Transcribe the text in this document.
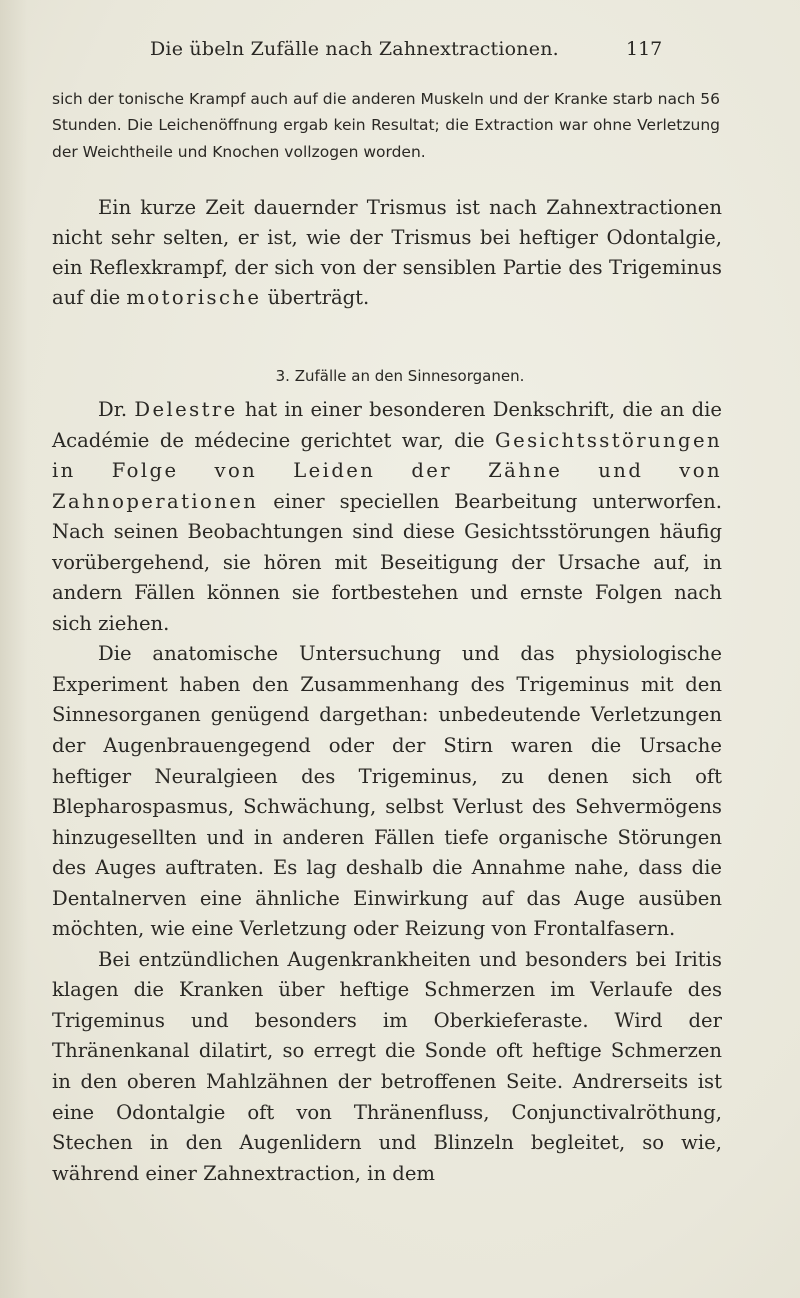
Die übeln Zufälle nach Zahnextractionen.	117
sich der tonische Krampf auch auf die anderen Muskeln und der Kranke starb nach 56 Stunden. Die Leichenöffnung ergab kein Resultat; die Extraction war ohne Verletzung der Weichtheile und Knochen vollzogen worden.

Ein kurze Zeit dauernder Trismus ist nach Zahnextractionen nicht sehr selten, er ist, wie der Trismus bei heftiger Odontalgie, ein Reflexkrampf, der sich von der sensiblen Partie des Trigeminus auf die motorische überträgt.

3. Zufälle an den Sinnesorganen.

Dr. Delestre hat in einer besonderen Denkschrift, die an die Académie de médecine gerichtet war, die Gesichtsstörungen in Folge von Leiden der Zähne und von Zahnoperationen einer speciellen Bearbeitung unterworfen. Nach seinen Beobachtungen sind diese Gesichtsstörungen häufig vorübergehend, sie hören mit Beseitigung der Ursache auf, in andern Fällen können sie fortbestehen und ernste Folgen nach sich ziehen.

Die anatomische Untersuchung und das physiologische Experiment haben den Zusammenhang des Trigeminus mit den Sinnesorganen genügend dargethan: unbedeutende Verletzungen der Augenbrauengegend oder der Stirn waren die Ursache heftiger Neuralgieen des Trigeminus, zu denen sich oft Blepharospasmus, Schwächung, selbst Verlust des Sehvermögens hinzugesellten und in anderen Fällen tiefe organische Störungen des Auges auftraten. Es lag deshalb die Annahme nahe, dass die Dentalnerven eine ähnliche Einwirkung auf das Auge ausüben möchten, wie eine Verletzung oder Reizung von Frontalfasern.

Bei entzündlichen Augenkrankheiten und besonders bei Iritis klagen die Kranken über heftige Schmerzen im Verlaufe des Trigeminus und besonders im Oberkieferaste. Wird der Thränenkanal dilatirt, so erregt die Sonde oft heftige Schmerzen in den oberen Mahlzähnen der betroffenen Seite. Andrerseits ist eine Odontalgie oft von Thränenfluss, Conjunctivalröthung, Stechen in den Augenlidern und Blinzeln begleitet, so wie, während einer Zahnextraction, in dem
